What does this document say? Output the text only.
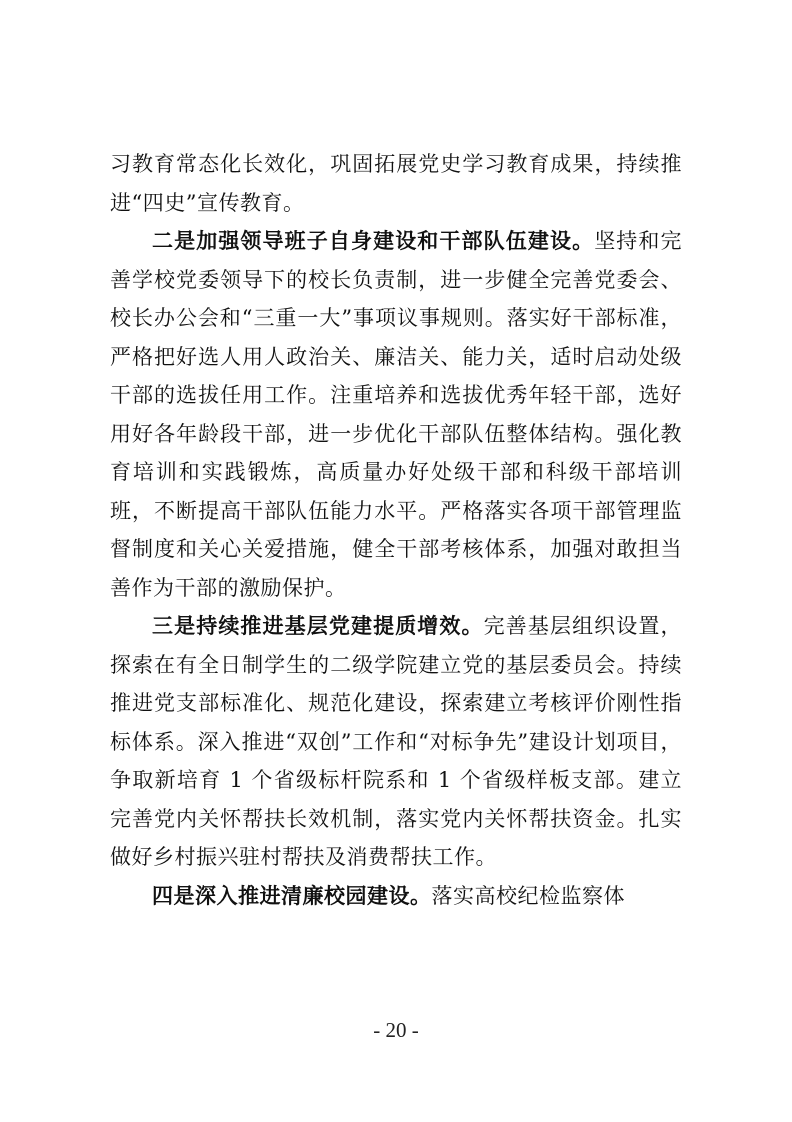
习教育常态化长效化，巩固拓展党史学习教育成果，持续推进“四史”宣传教育。

二是加强领导班子自身建设和干部队伍建设。坚持和完善学校党委领导下的校长负责制，进一步健全完善党委会、校长办公会和“三重一大”事项议事规则。落实好干部标准，严格把好选人用人政治关、廉洁关、能力关，适时启动处级干部的选拔任用工作。注重培养和选拔优秀年轻干部，选好用好各年龄段干部，进一步优化干部队伍整体结构。强化教育培训和实践锻炼，高质量办好处级干部和科级干部培训班，不断提高干部队伍能力水平。严格落实各项干部管理监督制度和关心关爱措施，健全干部考核体系，加强对敢担当善作为干部的激励保护。

三是持续推进基层党建提质增效。完善基层组织设置，探索在有全日制学生的二级学院建立党的基层委员会。持续推进党支部标准化、规范化建设，探索建立考核评价刚性指标体系。深入推进“双创”工作和“对标争先”建设计划项目，争取新培育 1 个省级标杆院系和 1 个省级样板支部。建立完善党内关怀帮扶长效机制，落实党内关怀帮扶资金。扎实做好乡村振兴驻村帮扶及消费帮扶工作。

四是深入推进清廉校园建设。落实高校纪检监察体

- 20 -
